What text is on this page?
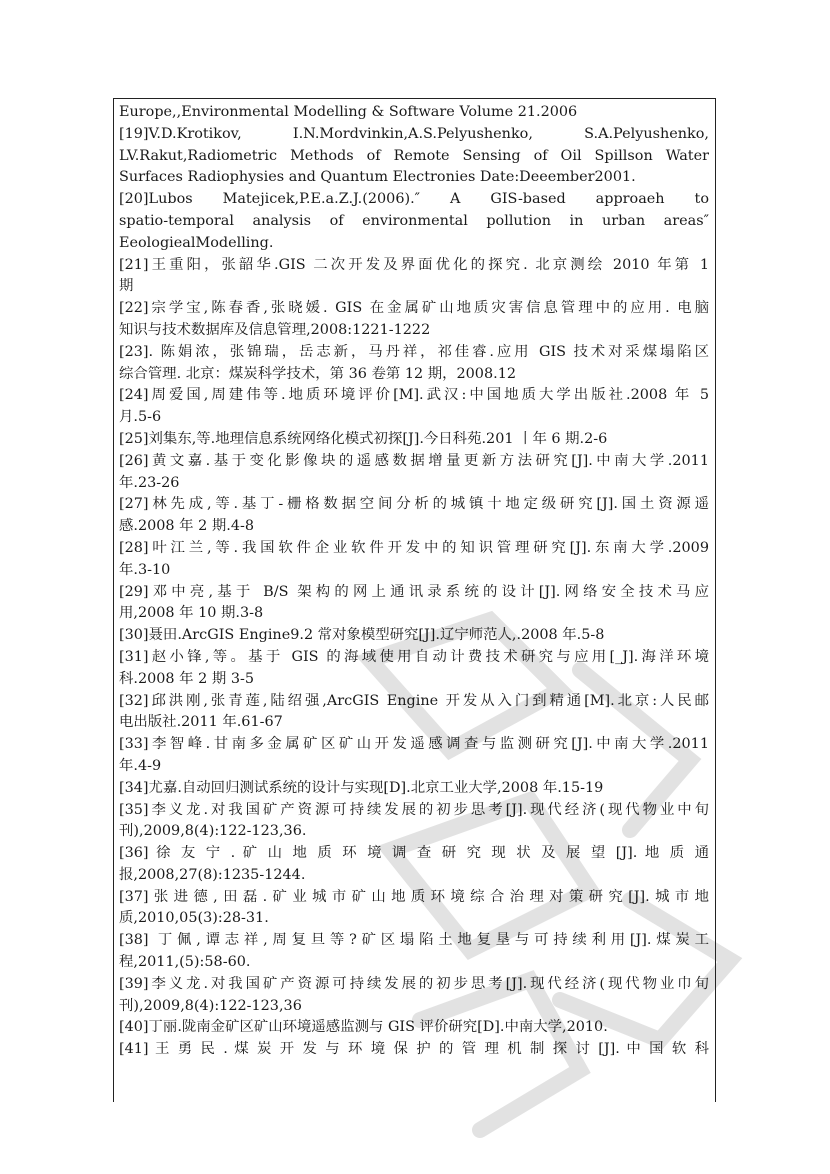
Europe,,Environmental Modelling & Software Volume 21.2006
[19]V.D.Krotikov, I.N.Mordvinkin,A.S.Pelyushenko, S.A.Pelyushenko,
LV.Rakut,Radiometric Methods of Remote Sensing of Oil Spillson Water
Surfaces Radiophysies and Quantum Electronies Date:Deeember2001.
[20]Lubos Matejicek,P.E.a.Z.J.(2006).″ A GIS-based approaeh to
spatio-temporal analysis of environmental pollution in urban areas″
EeologiealModelling.
[21]王重阳，张韶华.GIS 二次开发及界面优化的探究. 北京测绘 2010 年第 1
期
[22]宗学宝,陈春香,张晓媛. GIS 在金属矿山地质灾害信息管理中的应用. 电脑
知识与技术数据库及信息管理,2008:1221-1222
[23]. 陈娟浓，张锦瑞，岳志新，马丹祥，祁佳睿.应用 GIS 技术对采煤塌陷区
综合管理. 北京：煤炭科学技术，第 36 卷第 12 期，2008.12
[24]周爱国,周建伟等.地质环境评价[M].武汉:中国地质大学出版社.2008 年 5
月.5-6
[25]刘集东,等.地理信息系统网络化模式初探[J].今日科苑.201 丨年 6 期.2-6
[26]黄文嘉.基于变化影像块的遥感数据增量更新方法研究[J].中南大学.2011
年.23-26
[27]林先成,等.基丁-栅格数据空间分析的城镇十地定级研究[J].国土资源遥
感.2008 年 2 期.4-8
[28]叶江兰,等.我国软件企业软件开发中的知识管理研究[J].东南大学.2009
年.3-10
[29]邓中亮,基于 B/S 架构的网上通讯录系统的设计[J].网络安全技术马应
用,2008 年 10 期.3-8
[30]聂田.ArcGIS Engine9.2 常对象模型研究[J].辽宁师范人,.2008 年.5-8
[31]赵小锋,等。基于 GIS 的海域使用自动计费技术研究与应用[_J].海洋环境
科.2008 年 2 期 3-5
[32]邱洪刚,张青莲,陆绍强,ArcGIS Engine 开发从入门到精通[M].北京:人民邮
电出版社.2011 年.61-67
[33]李智峰.甘南多金属矿区矿山开发遥感调查与监测研究[J].中南大学.2011
年.4-9
[34]尤嘉.自动回归测试系统的设计与实现[D].北京工业大学,2008 年.15-19
[35]李义龙.对我国矿产资源可持续发展的初步思考[J].现代经济(现代物业中旬
刊),2009,8(4):122-123,36.
[36] 徐 友 宁 . 矿 山 地 质 环 境 调 查 研 究 现 状 及 展 望 [J]. 地 质 通
报,2008,27(8):1235-1244.
[37]张进德,田磊.矿业城市矿山地质环境综合治理对策研究[J].城市地
质,2010,05(3):28-31.
[38] 丁佩,谭志祥,周复旦等?矿区塌陷土地复垦与可持续利用[J].煤炭工
程,2011,(5):58-60.
[39]李义龙.对我国矿产资源可持续发展的初步思考[J].现代经济(现代物业巾旬
刊),2009,8(4):122-123,36
[40]丁丽.陇南金矿区矿山环境遥感监测与 GIS 评价研究[D].中南大学,2010.
[41] 王 勇 民 . 煤 炭 开 发 与 环 境 保 护 的 管 理 机 制 探 讨 [J]. 中 国 软 科
